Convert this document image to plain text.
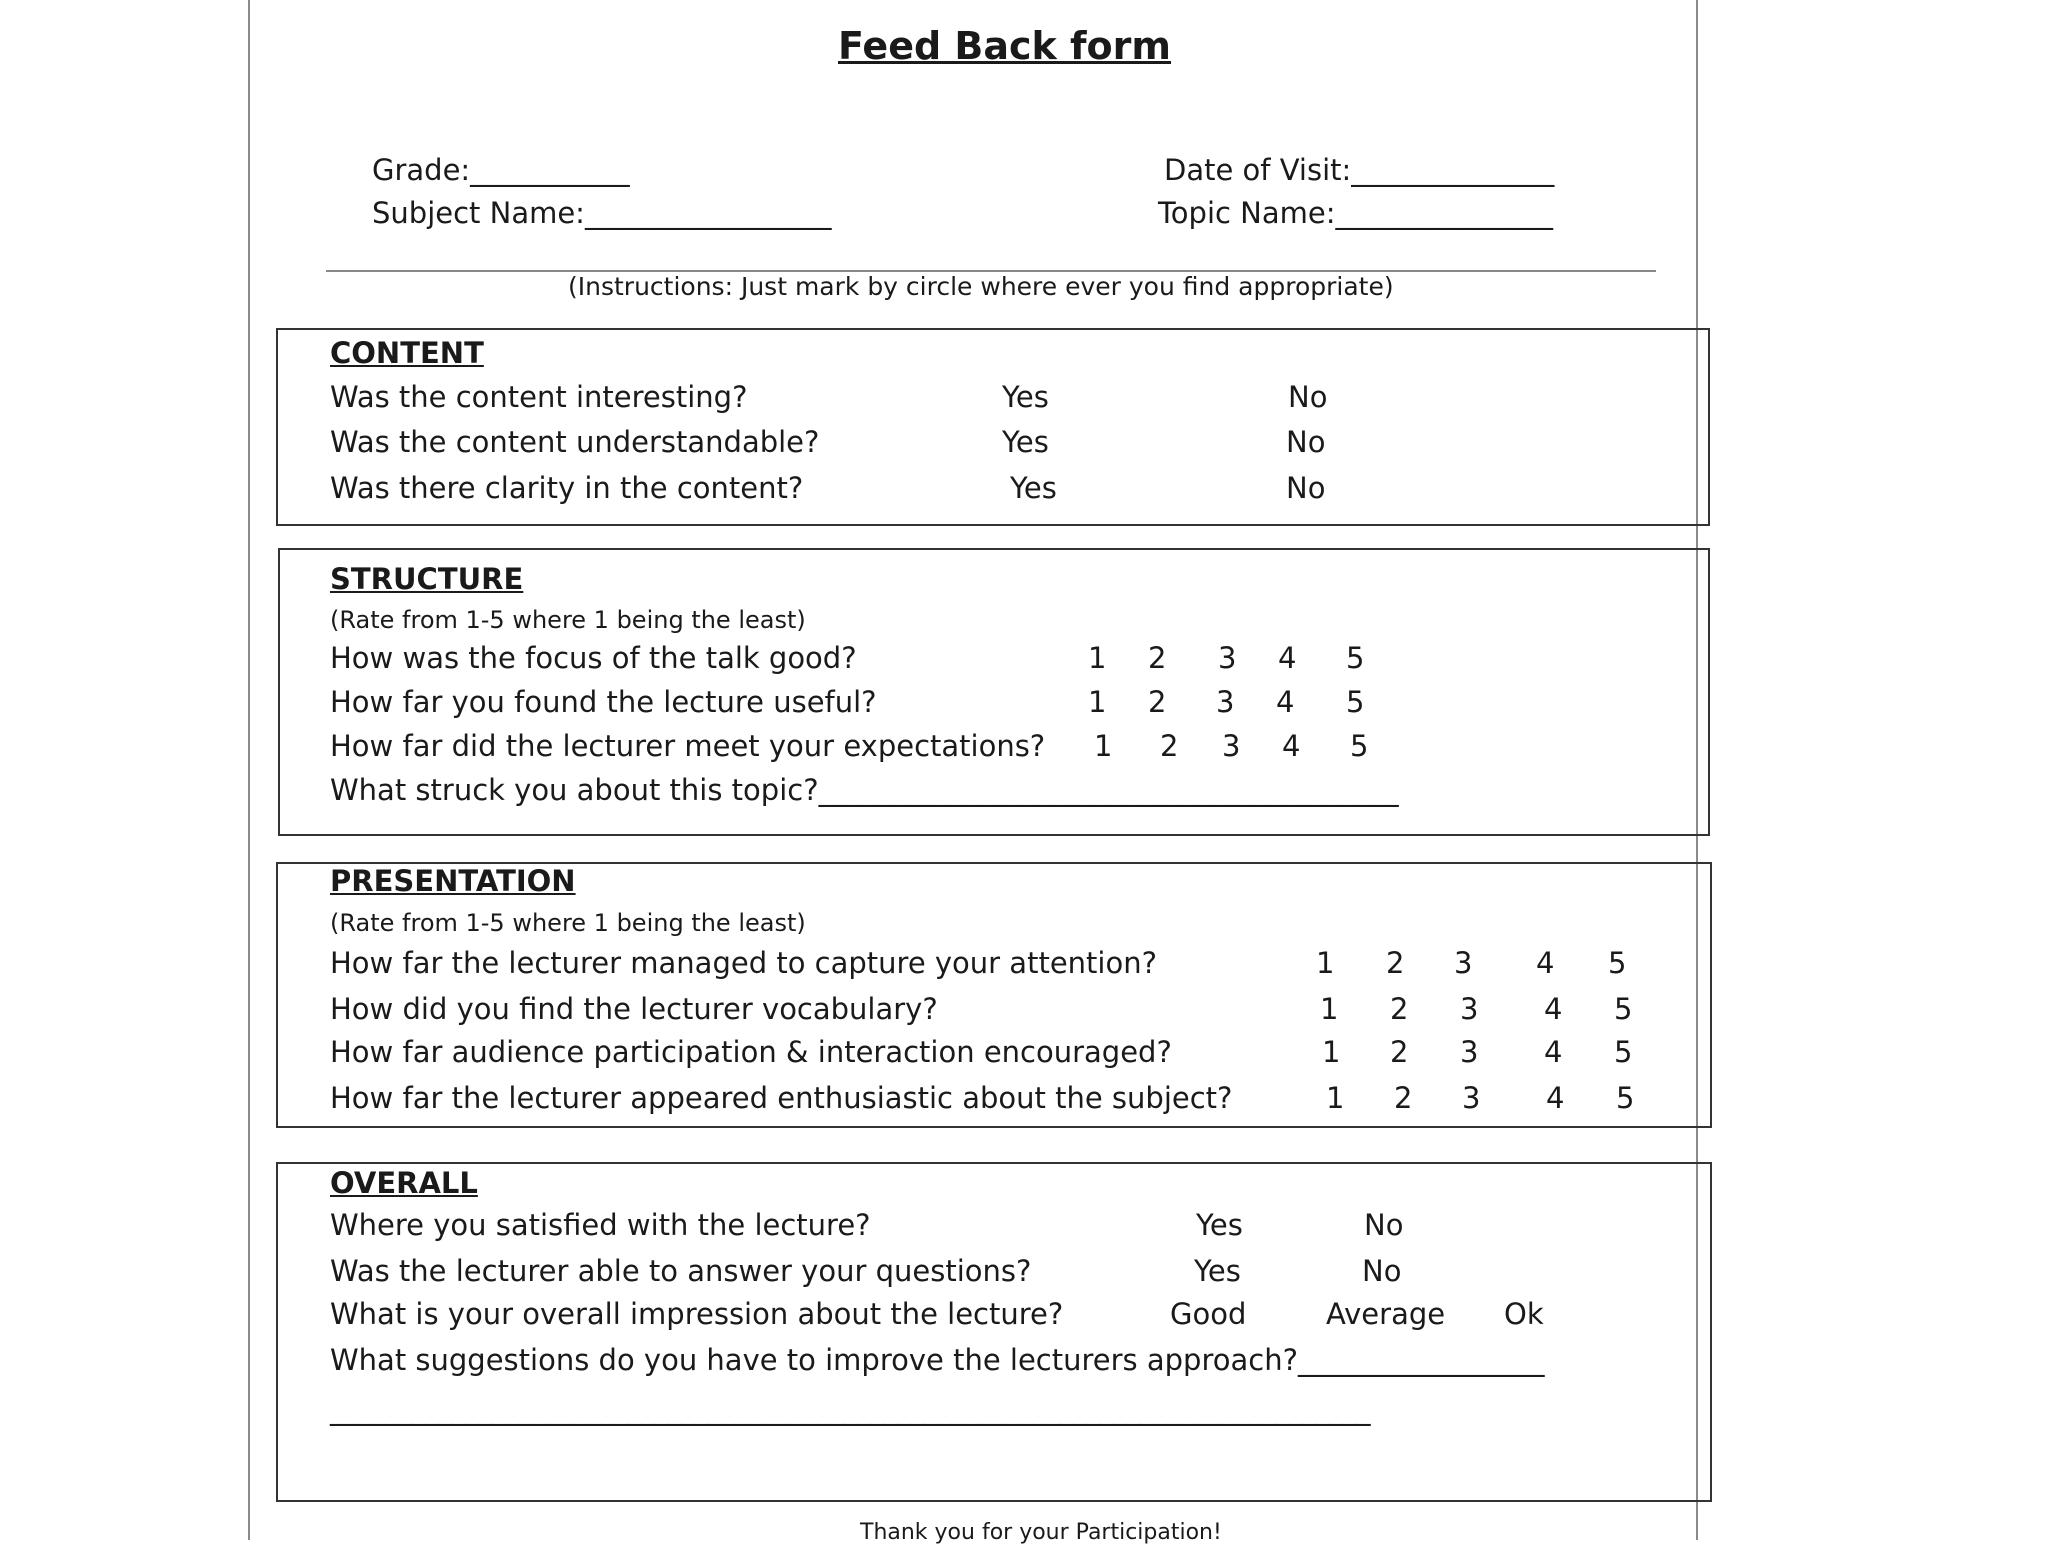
Feed Back form
Grade:___________	Date of Visit:______________
Subject Name:_________________	Topic Name:_______________
(Instructions: Just mark by circle where ever you find appropriate)
CONTENT
Was the content interesting?	Yes	No
Was the content understandable?	Yes	No
Was there clarity in the content?	Yes	No
STRUCTURE
(Rate from 1-5 where 1 being the least)
How was the focus of the talk good?	1 2 3 4 5
How far you found the lecture useful?	1 2 3 4 5
How far did the lecturer meet your expectations? 1 2 3 4 5
What struck you about this topic?________________________________________
PRESENTATION
(Rate from 1-5 where 1 being the least)
How far the lecturer managed to capture your attention?	1 2 3 4 5
How did you find the lecturer vocabulary?	1 2 3 4 5
How far audience participation & interaction encouraged?	1 2 3 4 5
How far the lecturer appeared enthusiastic about the subject?	1 2 3 4 5
OVERALL
Where you satisfied with the lecture?	Yes	No
Was the lecturer able to answer your questions?	Yes	No
What is your overall impression about the lecture?	Good	Average Ok
What suggestions do you have to improve the lecturers approach?_________________
_____________________________________________________________________________
Thank you for your Participation!
